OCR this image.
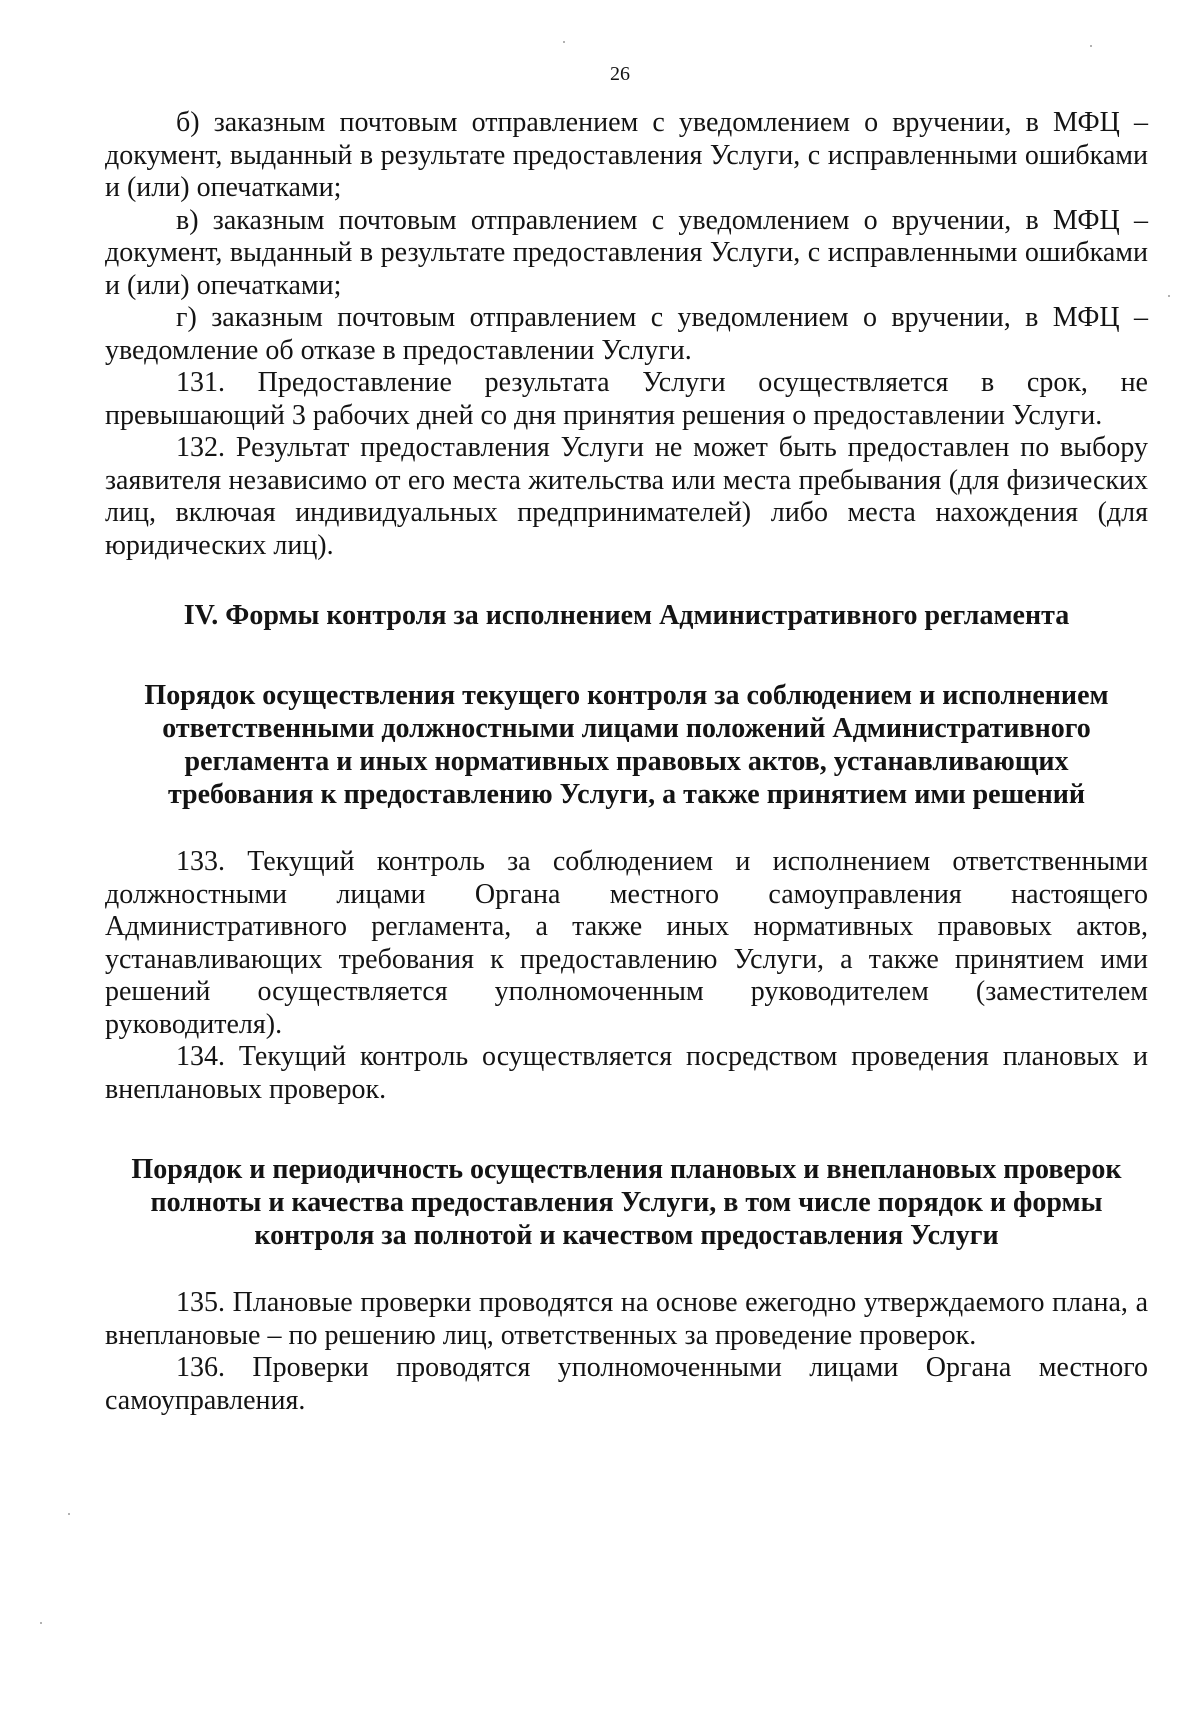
26

б) заказным почтовым отправлением с уведомлением о вручении, в МФЦ – документ, выданный в результате предоставления Услуги, с исправленными ошибками и (или) опечатками;

в) заказным почтовым отправлением с уведомлением о вручении, в МФЦ – документ, выданный в результате предоставления Услуги, с исправленными ошибками и (или) опечатками;

г) заказным почтовым отправлением с уведомлением о вручении, в МФЦ – уведомление об отказе в предоставлении Услуги.

131. Предоставление результата Услуги осуществляется в срок, не превышающий 3 рабочих дней со дня принятия решения о предоставлении Услуги.

132. Результат предоставления Услуги не может быть предоставлен по выбору заявителя независимо от его места жительства или места пребывания (для физических лиц, включая индивидуальных предпринимателей) либо места нахождения (для юридических лиц).

IV. Формы контроля за исполнением Административного регламента
Порядок осуществления текущего контроля за соблюдением и исполнением ответственными должностными лицами положений Административного регламента и иных нормативных правовых актов, устанавливающих требования к предоставлению Услуги, а также принятием ими решений

133. Текущий контроль за соблюдением и исполнением ответственными должностными лицами Органа местного самоуправления настоящего Административного регламента, а также иных нормативных правовых актов, устанавливающих требования к предоставлению Услуги, а также принятием ими решений осуществляется уполномоченным руководителем (заместителем руководителя).

134. Текущий контроль осуществляется посредством проведения плановых и внеплановых проверок.

Порядок и периодичность осуществления плановых и внеплановых проверок полноты и качества предоставления Услуги, в том числе порядок и формы контроля за полнотой и качеством предоставления Услуги

135. Плановые проверки проводятся на основе ежегодно утверждаемого плана, а внеплановые – по решению лиц, ответственных за проведение проверок.

136. Проверки проводятся уполномоченными лицами Органа местного самоуправления.
